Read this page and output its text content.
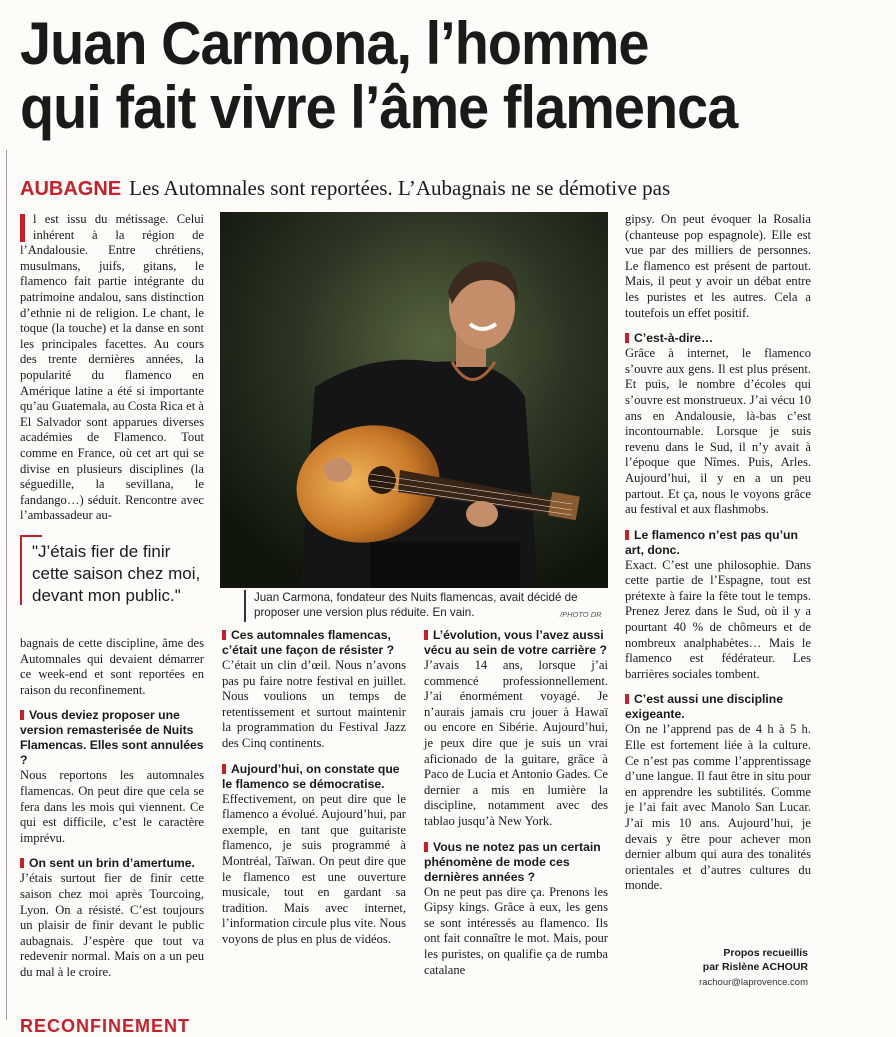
Juan Carmona, l’homme
qui fait vivre l’âme flamenca
AUBAGNE Les Automnales sont reportées. L’Aubagnais ne se démotive pas

l est issu du métissage. Celui inhérent à la région de l’Andalousie. Entre chrétiens, musulmans, juifs, gitans, le flamenco fait partie intégrante du patrimoine andalou, sans distinction d’ethnie ni de religion. Le chant, le toque (la touche) et la danse en sont les principales facettes. Au cours des trente dernières années, la popularité du flamenco en Amérique latine a été si importante qu’au Guatemala, au Costa Rica et à El Salvador sont apparues diverses académies de Flamenco. Tout comme en France, où cet art qui se divise en plusieurs disciplines (la séguedille, la sevillana, le fandango…) séduit. Rencontre avec l’ambassadeur au-

"J’étais fier de finir cette saison chez moi, devant mon public."	Juan Carmona, fondateur des Nuits flamencas, avait décidé de proposer une version plus réduite. En vain.	/PHOTO DR

bagnais de cette discipline, âme des Automnales qui devaient démarrer ce week-end et sont reportées en raison du reconfinement.

Vous deviez proposer une version remasterisée de Nuits Flamencas. Elles sont annulées ?

Nous reportons les automnales flamencas. On peut dire que cela se fera dans les mois qui viennent. Ce qui est difficile, c’est le caractère imprévu.

On sent un brin d’amertume.

J’étais surtout fier de finir cette saison chez moi après Tourcoing, Lyon. On a résisté. C’est toujours un plaisir de finir devant le public aubagnais. J’espère que tout va redevenir normal. Mais on a un peu du mal à le croire.

Ces automnales flamencas, c’était une façon de résister ?

C’était un clin d’œil. Nous n’avons pas pu faire notre festival en juillet. Nous voulions un temps de retentissement et surtout maintenir la programmation du Festival Jazz des Cinq continents.

Aujourd’hui, on constate que le flamenco se démocratise.

Effectivement, on peut dire que le flamenco a évolué. Aujourd’hui, par exemple, en tant que guitariste flamenco, je suis programmé à Montréal, Taïwan. On peut dire que le flamenco est une ouverture musicale, tout en gardant sa tradition. Mais avec internet, l’information circule plus vite. Nous voyons de plus en plus de vidéos.

L’évolution, vous l’avez aussi vécu au sein de votre carrière ?

J’avais 14 ans, lorsque j’ai commencé professionnellement. J’ai énormément voyagé. Je n’aurais jamais cru jouer à Hawaï ou encore en Sibérie. Aujourd’hui, je peux dire que je suis un vrai aficionado de la guitare, grâce à Paco de Lucia et Antonio Gades. Ce dernier a mis en lumière la discipline, notamment avec des tablao jusqu’à New York.

Vous ne notez pas un certain phénomène de mode ces dernières années ?

On ne peut pas dire ça. Prenons les Gipsy kings. Grâce à eux, les gens se sont intéressés au flamenco. Ils ont fait connaître le mot. Mais, pour les puristes, on qualifie ça de rumba catalane

gipsy. On peut évoquer la Rosalia (chanteuse pop espagnole). Elle est vue par des milliers de personnes. Le flamenco est présent de partout. Mais, il peut y avoir un débat entre les puristes et les autres. Cela a toutefois un effet positif.

C’est-à-dire…

Grâce à internet, le flamenco s’ouvre aux gens. Il est plus présent. Et puis, le nombre d’écoles qui s’ouvre est monstrueux. J’ai vécu 10 ans en Andalousie, là-bas c’est incontournable. Lorsque je suis revenu dans le Sud, il n’y avait à l’époque que Nîmes. Puis, Arles. Aujourd’hui, il y en a un peu partout. Et ça, nous le voyons grâce au festival et aux flashmobs.

Le flamenco n’est pas qu’un art, donc.

Exact. C’est une philosophie. Dans cette partie de l’Espagne, tout est prétexte à faire la fête tout le temps. Prenez Jerez dans le Sud, où il y a pourtant 40 % de chômeurs et de nombreux analphabètes… Mais le flamenco est fédérateur. Les barrières sociales tombent.

C’est aussi une discipline exigeante.

On ne l’apprend pas de 4 h à 5 h. Elle est fortement liée à la culture. Ce n’est pas comme l’apprentissage d’une langue. Il faut être in situ pour en apprendre les subtilités. Comme je l’ai fait avec Manolo San Lucar. J’ai mis 10 ans. Aujourd’hui, je devais y être pour achever mon dernier album qui aura des tonalités orientales et d’autres cultures du monde.

Propos recueillis
par Rislène ACHOUR
rachour@laprovence.com
RECONFINEMENT
